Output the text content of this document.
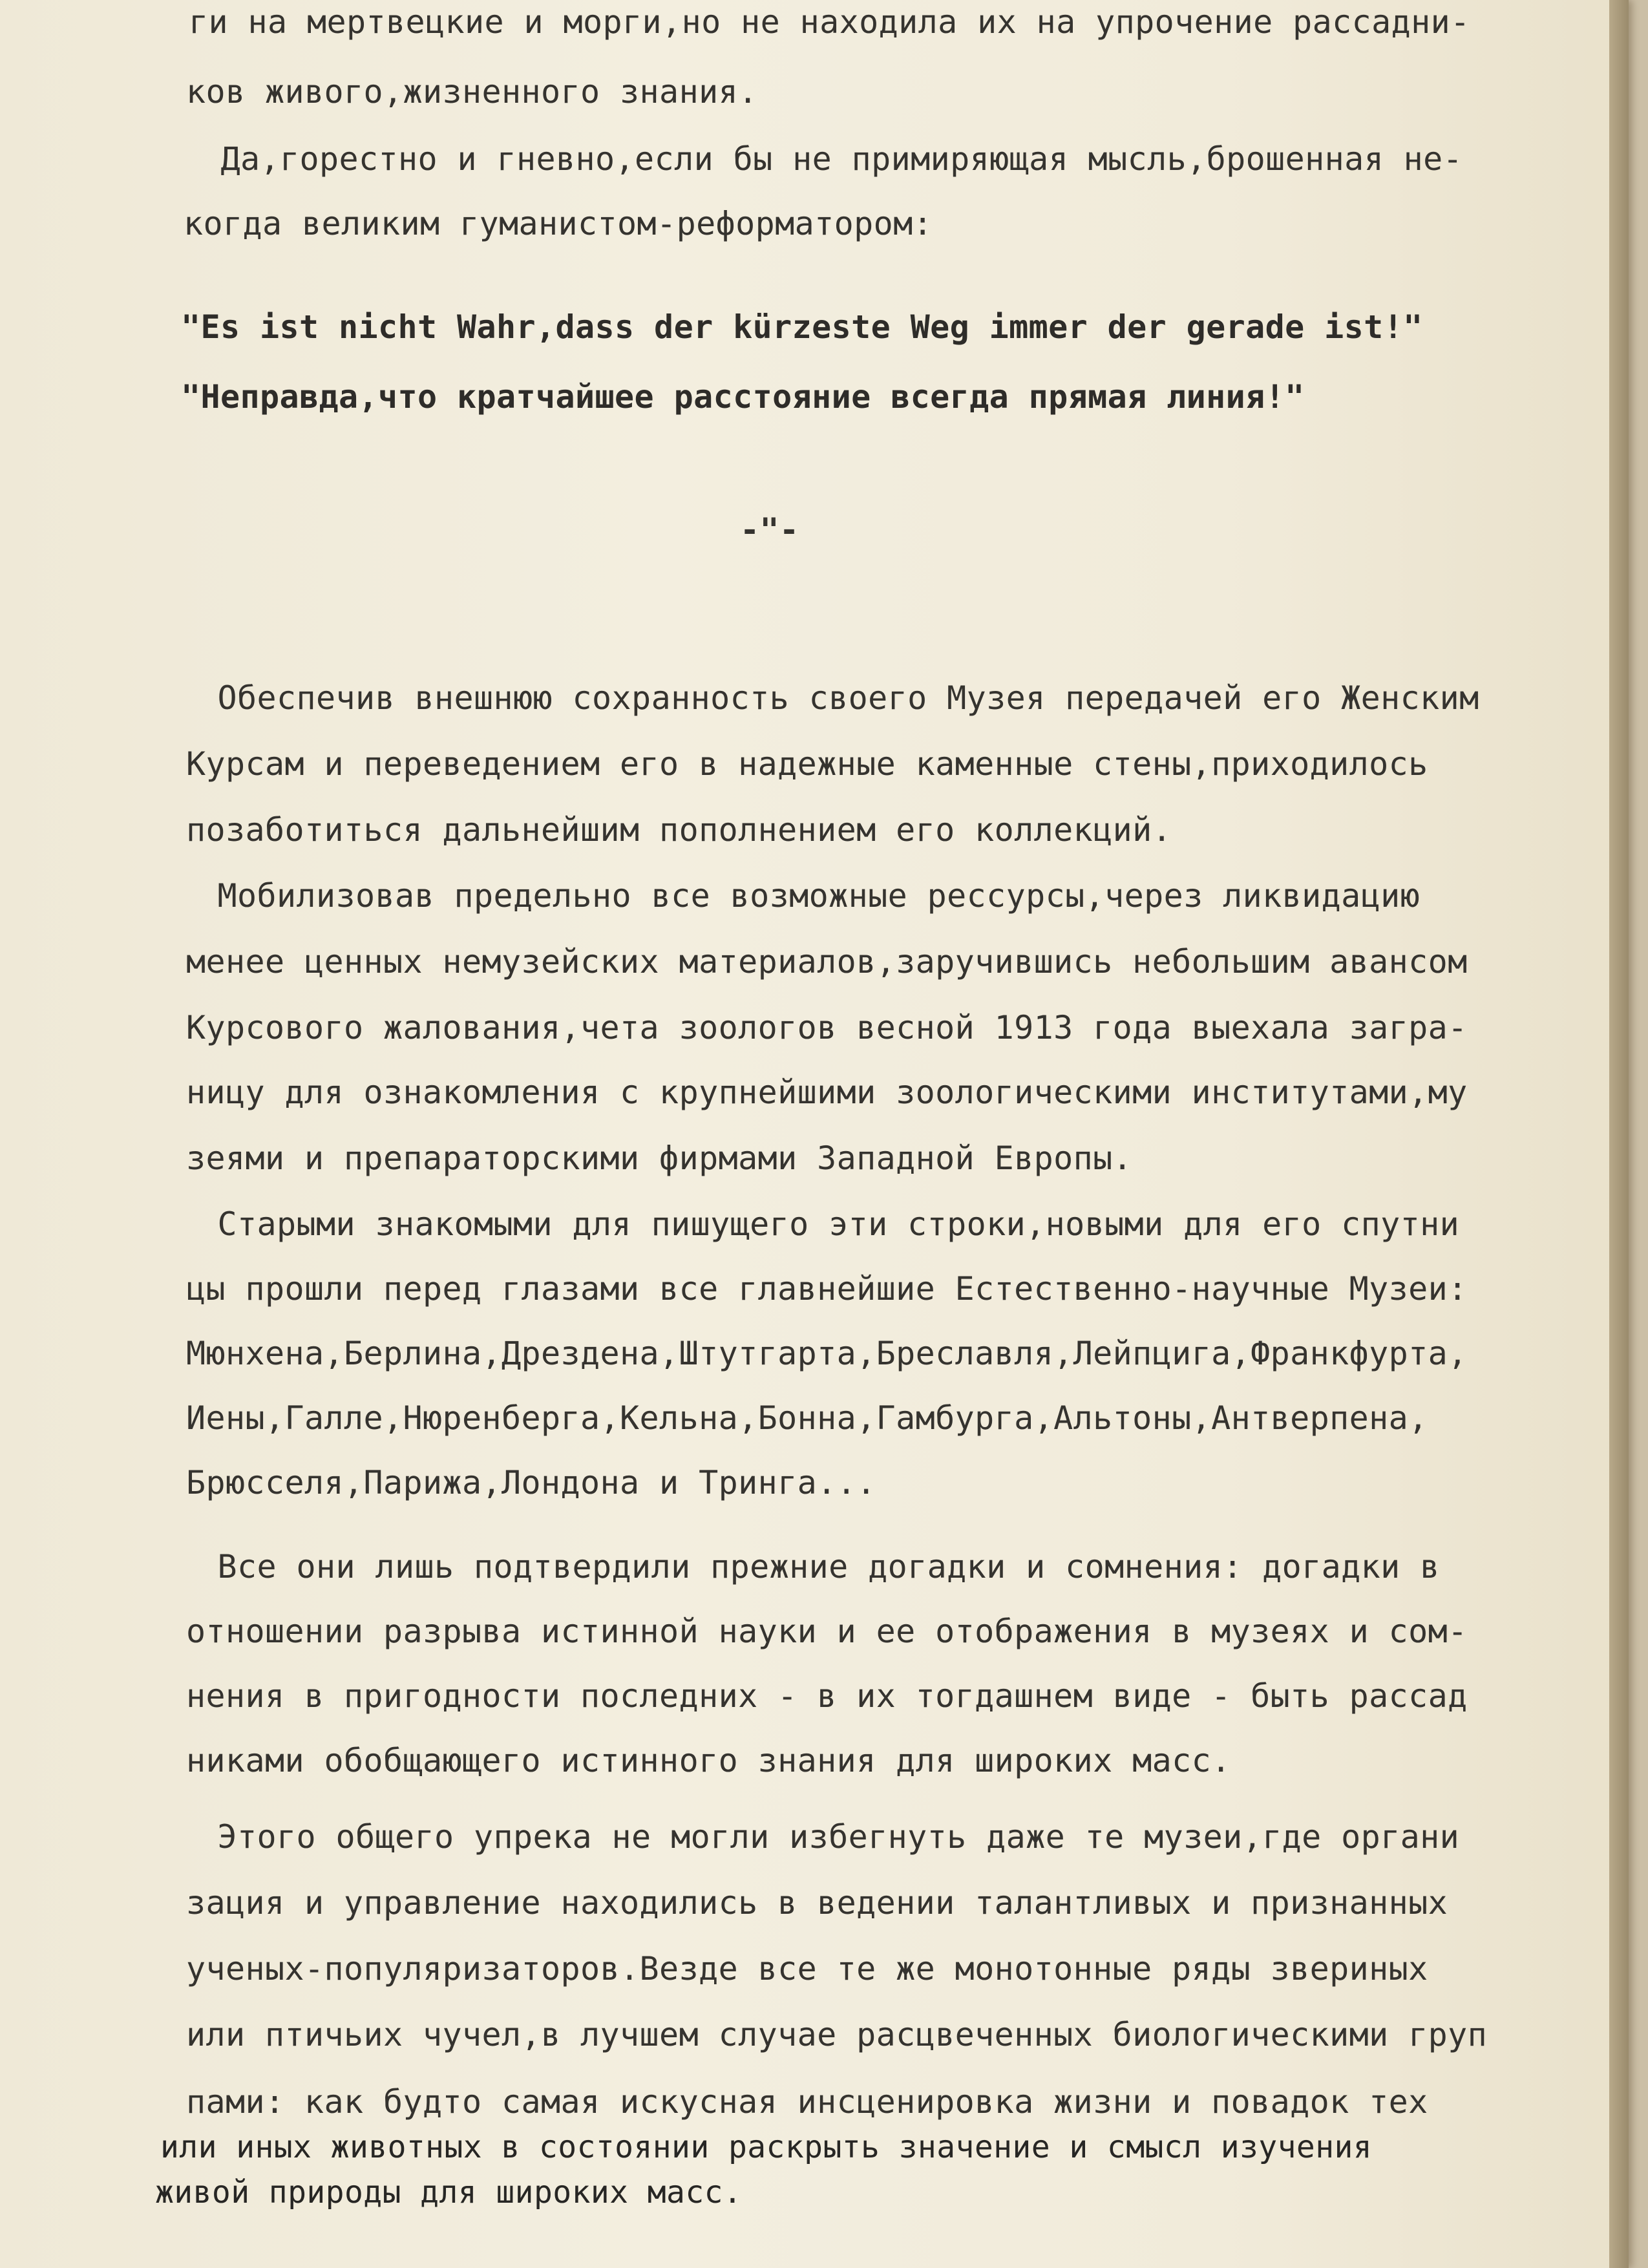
ги на мертвецкие и морги,но не находила их на упрочение рассадни-

ков живого,жизненного знания.

Да,горестно и гневно,если бы не примиряющая мысль,брошенная не-

когда великим гуманистом-реформатором:

"Es ist nicht Wahr,dass der kürzeste Weg immer der gerade ist!"

"Неправда,что кратчайшее расстояние всегда прямая линия!"

-"-

Обеспечив внешнюю сохранность своего Музея передачей его Женским

Курсам и переведением его в надежные каменные стены,приходилось

позаботиться дальнейшим пополнением его коллекций.

Мобилизовав предельно все возможные рессурсы,через ликвидацию

менее ценных немузейских материалов,заручившись небольшим авансом

Курсового жалования,чета зоологов весной 1913 года выехала загра-

ницу для ознакомления с крупнейшими зоологическими институтами,му

зеями и препараторскими фирмами Западной Европы.

Старыми знакомыми для пишущего эти строки,новыми для его спутни

цы прошли перед глазами все главнейшие Естественно-научные Музеи:

Мюнхена,Берлина,Дрездена,Штутгарта,Бреславля,Лейпцига,Франкфурта,

Иены,Галле,Нюренберга,Кельна,Бонна,Гамбурга,Альтоны,Антверпена,

Брюсселя,Парижа,Лондона и Тринга...

Все они лишь подтвердили прежние догадки и сомнения: догадки в

отношении разрыва истинной науки и ее отображения в музеях и сом-

нения в пригодности последних - в их тогдашнем виде - быть рассад

никами обобщающего истинного знания для широких масс.

Этого общего упрека не могли избегнуть даже те музеи,где органи

зация и управление находились в ведении талантливых и признанных

ученых-популяризаторов.Везде все те же монотонные ряды звериных

или птичьих чучел,в лучшем случае расцвеченных биологическими груп

пами: как будто самая искусная инсценировка жизни и повадок тех

или иных животных в состоянии раскрыть значение и смысл изучения

живой природы для широких масс.

​
